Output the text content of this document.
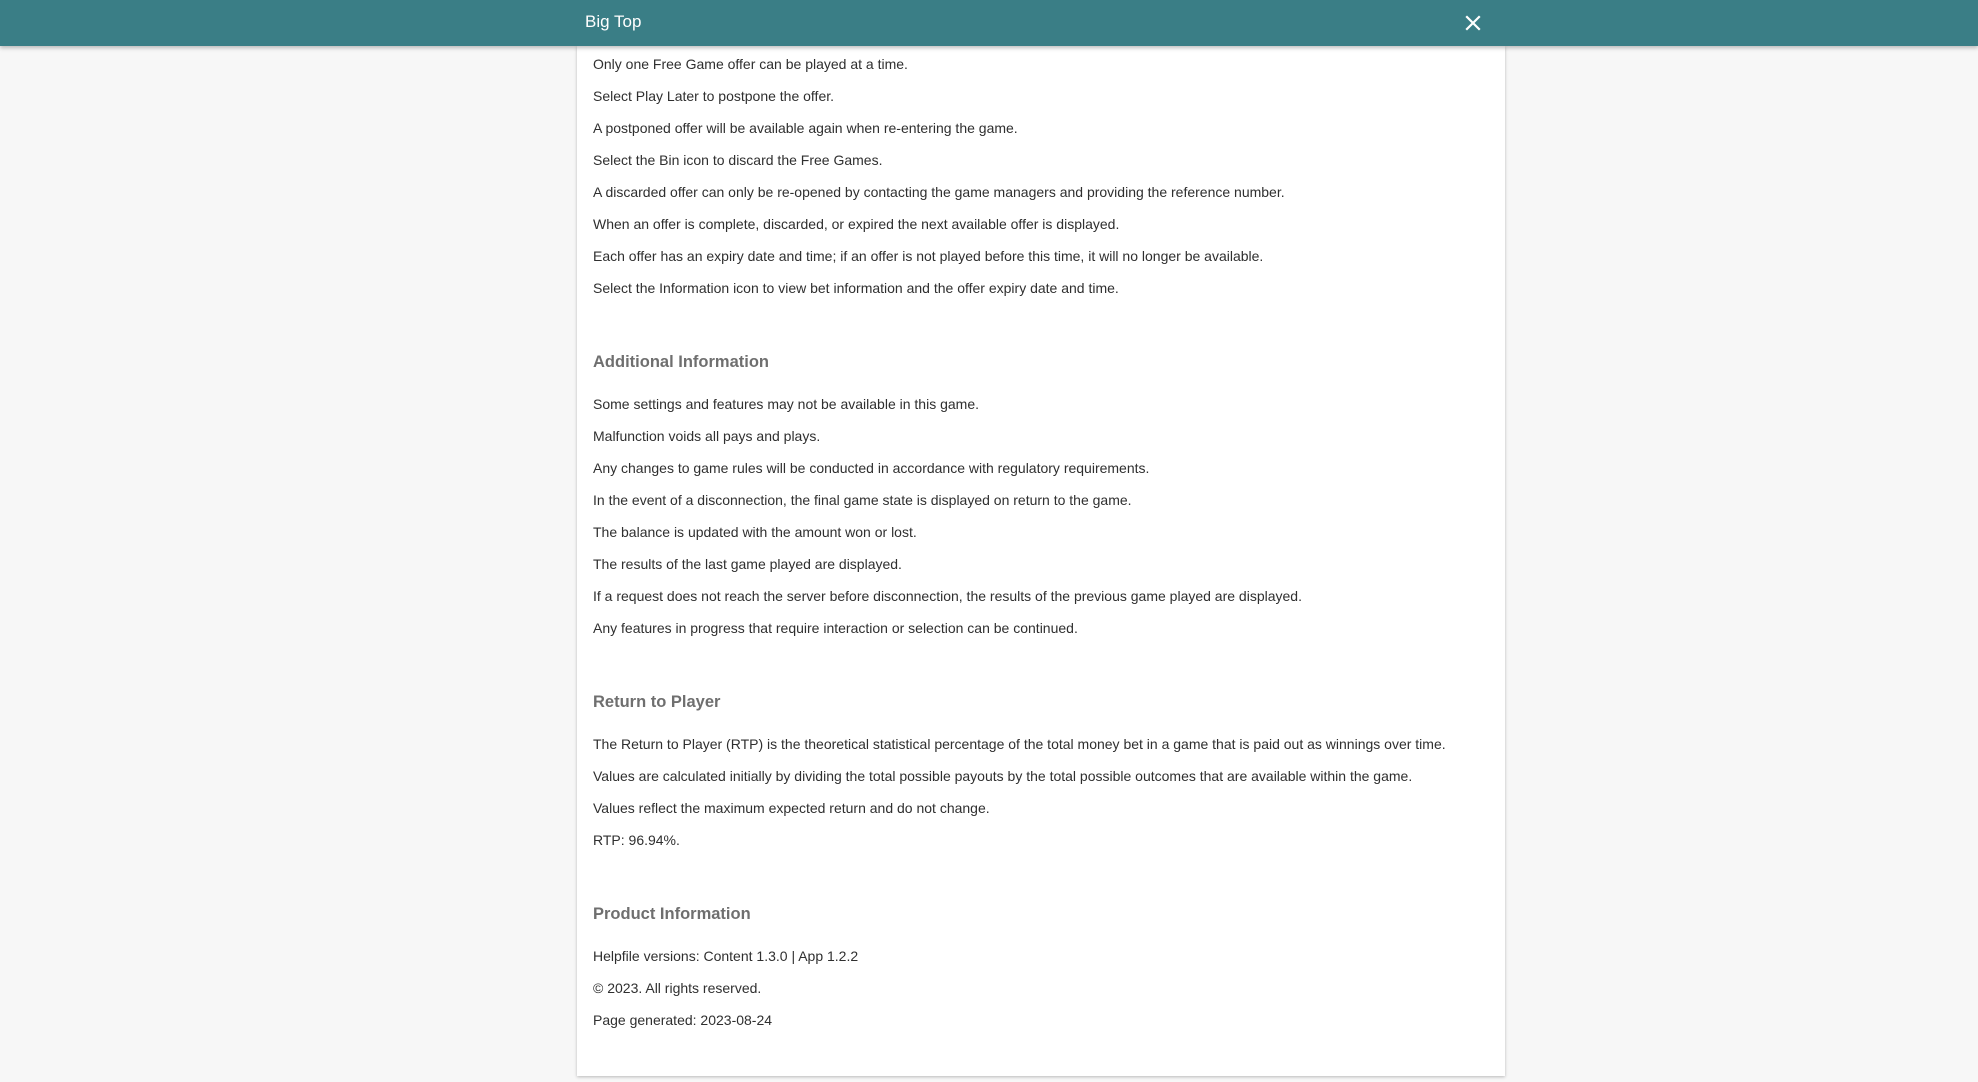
Big Top
Only one Free Game offer can be played at a time.
Select Play Later to postpone the offer.
A postponed offer will be available again when re-entering the game.
Select the Bin icon to discard the Free Games.
A discarded offer can only be re-opened by contacting the game managers and providing the reference number.
When an offer is complete, discarded, or expired the next available offer is displayed.
Each offer has an expiry date and time; if an offer is not played before this time, it will no longer be available.
Select the Information icon to view bet information and the offer expiry date and time.
Additional Information
Some settings and features may not be available in this game.
Malfunction voids all pays and plays.
Any changes to game rules will be conducted in accordance with regulatory requirements.
In the event of a disconnection, the final game state is displayed on return to the game.
The balance is updated with the amount won or lost.
The results of the last game played are displayed.
If a request does not reach the server before disconnection, the results of the previous game played are displayed.
Any features in progress that require interaction or selection can be continued.
Return to Player
The Return to Player (RTP) is the theoretical statistical percentage of the total money bet in a game that is paid out as winnings over time.
Values are calculated initially by dividing the total possible payouts by the total possible outcomes that are available within the game.
Values reflect the maximum expected return and do not change.
RTP: 96.94%.
Product Information
Helpfile versions: Content 1.3.0 | App 1.2.2
© 2023. All rights reserved.
Page generated: 2023-08-24
